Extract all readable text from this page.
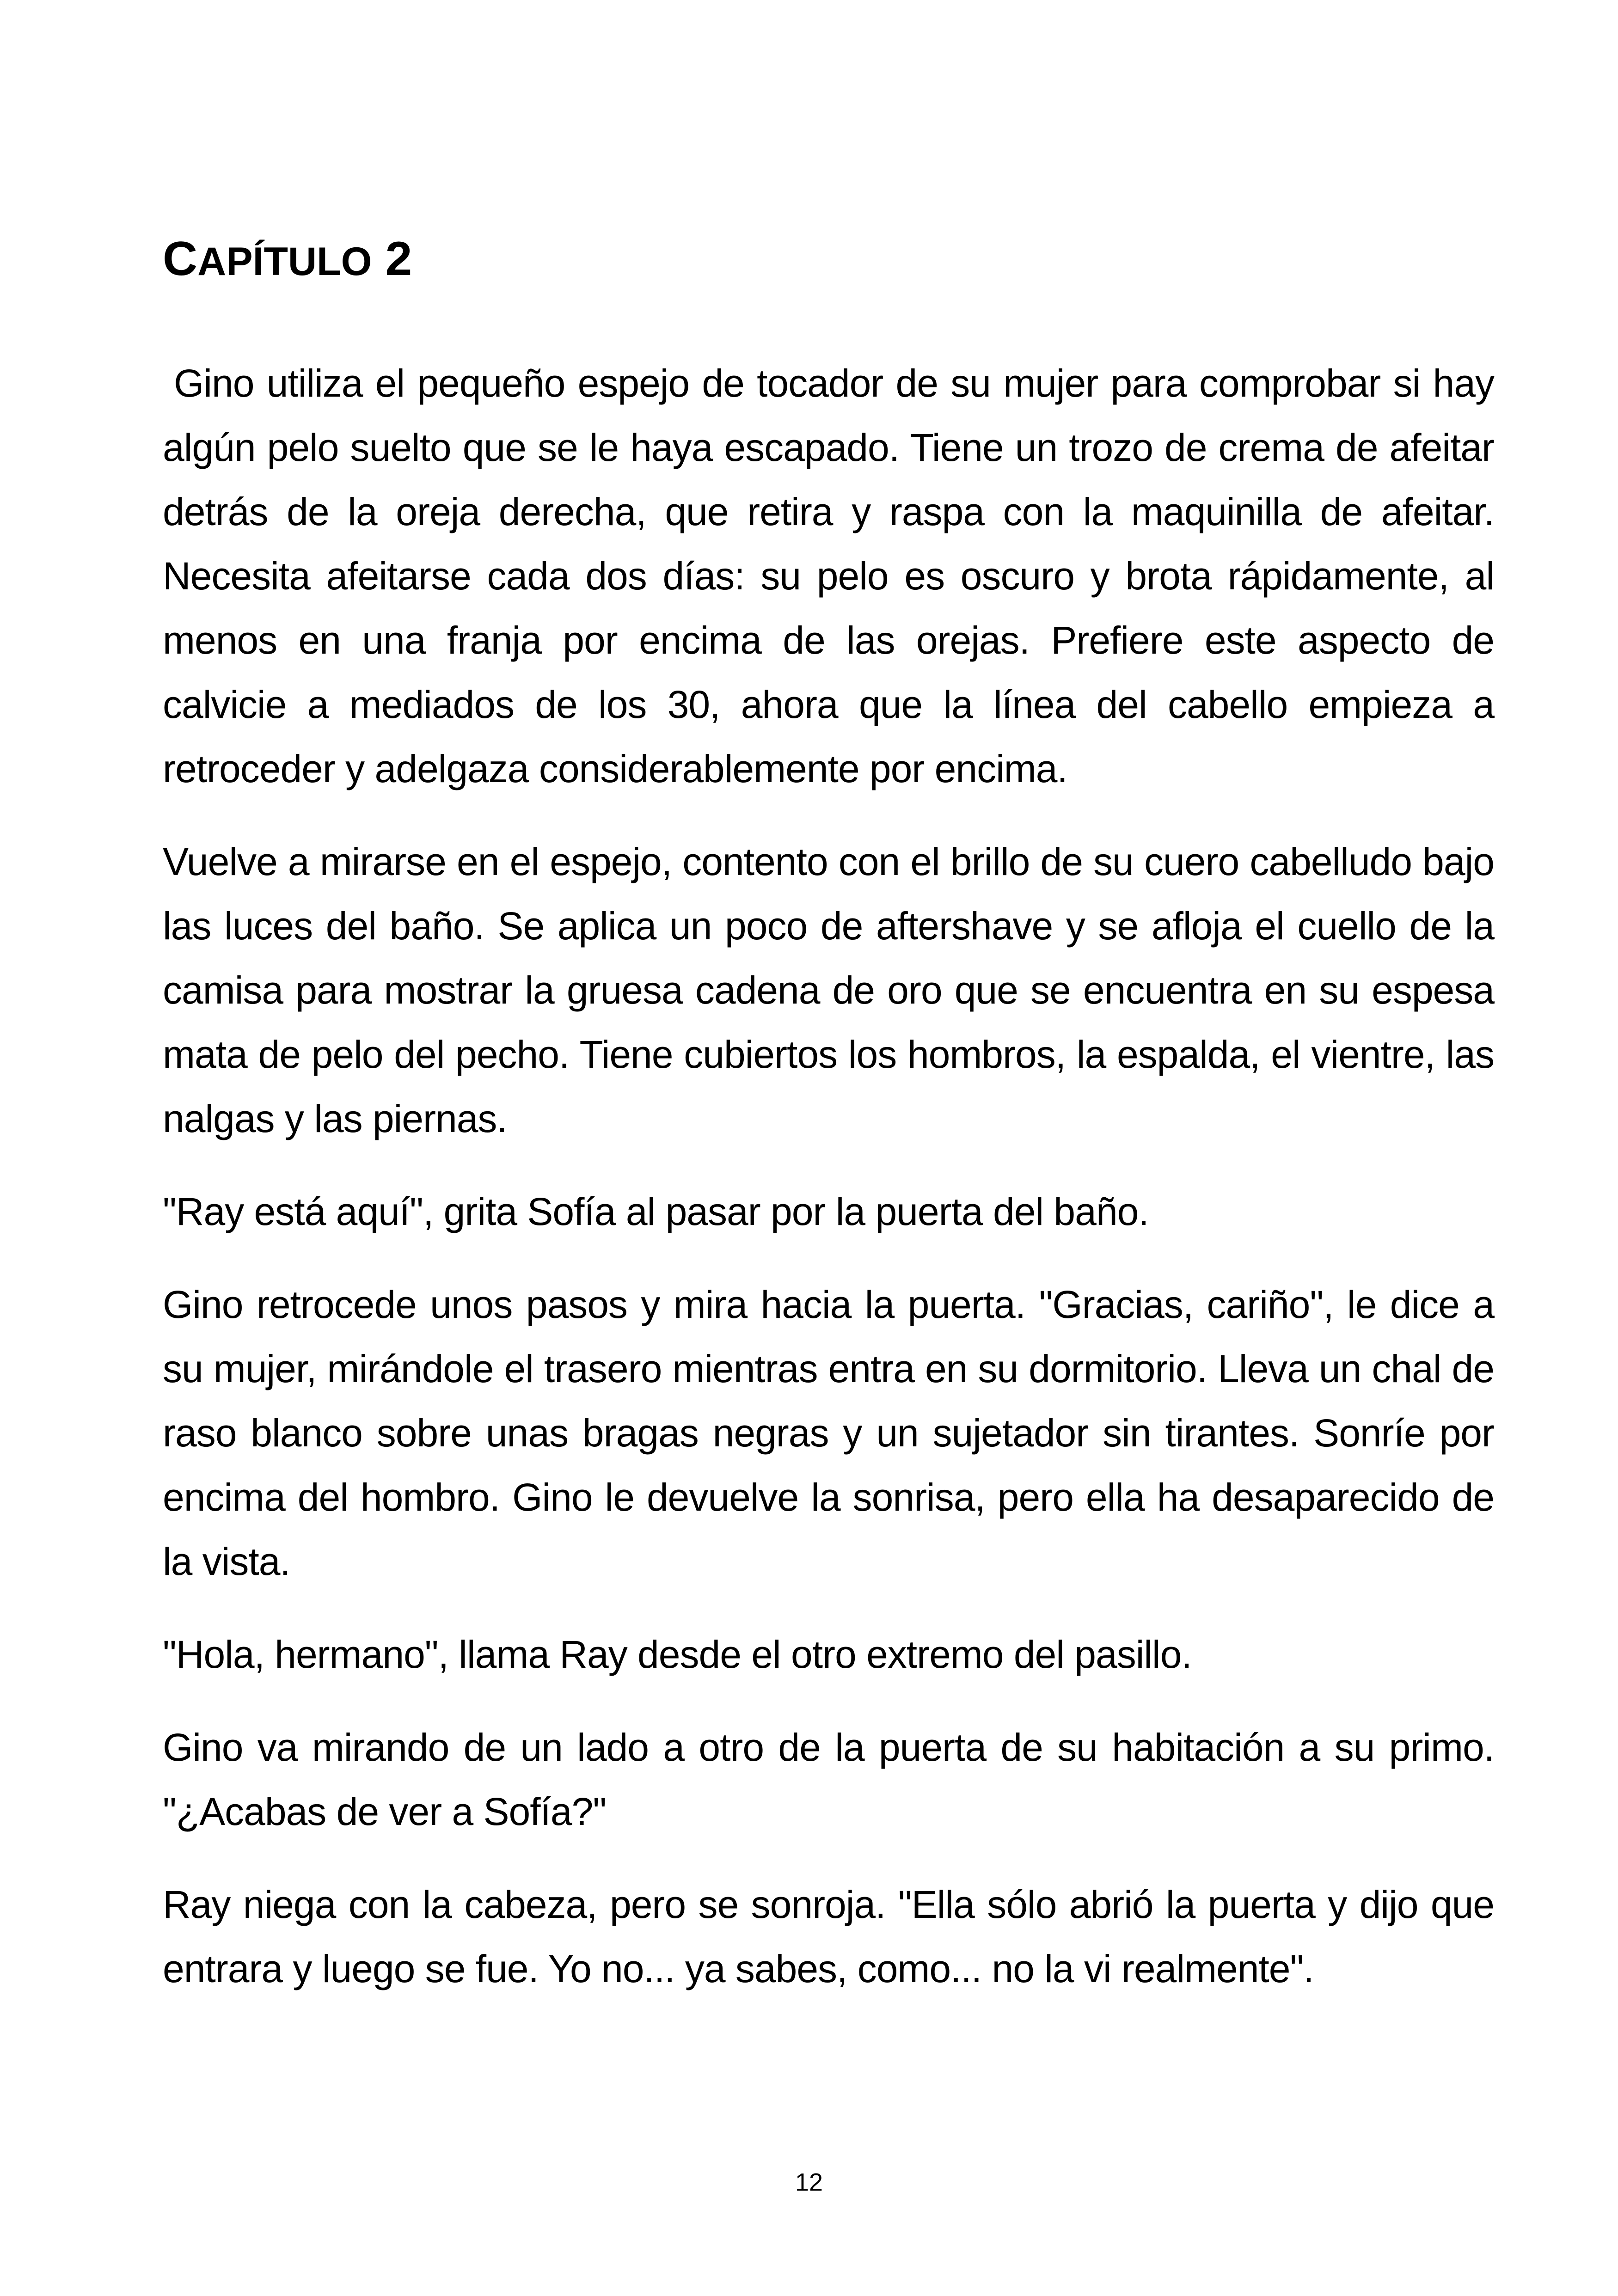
CAPÍTULO 2

Gino utiliza el pequeño espejo de tocador de su mujer para comprobar si hay algún pelo suelto que se le haya escapado. Tiene un trozo de crema de afeitar detrás de la oreja derecha, que retira y raspa con la maquinilla de afeitar. Necesita afeitarse cada dos días: su pelo es oscuro y brota rápidamente, al menos en una franja por encima de las orejas. Prefiere este aspecto de calvicie a mediados de los 30, ahora que la línea del cabello empieza a retroceder y adelgaza considerablemente por encima.

Vuelve a mirarse en el espejo, contento con el brillo de su cuero cabelludo bajo las luces del baño. Se aplica un poco de aftershave y se afloja el cuello de la camisa para mostrar la gruesa cadena de oro que se encuentra en su espesa mata de pelo del pecho. Tiene cubiertos los hombros, la espalda, el vientre, las nalgas y las piernas.

"Ray está aquí", grita Sofía al pasar por la puerta del baño.

Gino retrocede unos pasos y mira hacia la puerta. "Gracias, cariño", le dice a su mujer, mirándole el trasero mientras entra en su dormitorio. Lleva un chal de raso blanco sobre unas bragas negras y un sujetador sin tirantes. Sonríe por encima del hombro. Gino le devuelve la sonrisa, pero ella ha desaparecido de la vista.

"Hola, hermano", llama Ray desde el otro extremo del pasillo.

Gino va mirando de un lado a otro de la puerta de su habitación a su primo. "¿Acabas de ver a Sofía?"

Ray niega con la cabeza, pero se sonroja. "Ella sólo abrió la puerta y dijo que entrara y luego se fue. Yo no... ya sabes, como... no la vi realmente".

12
